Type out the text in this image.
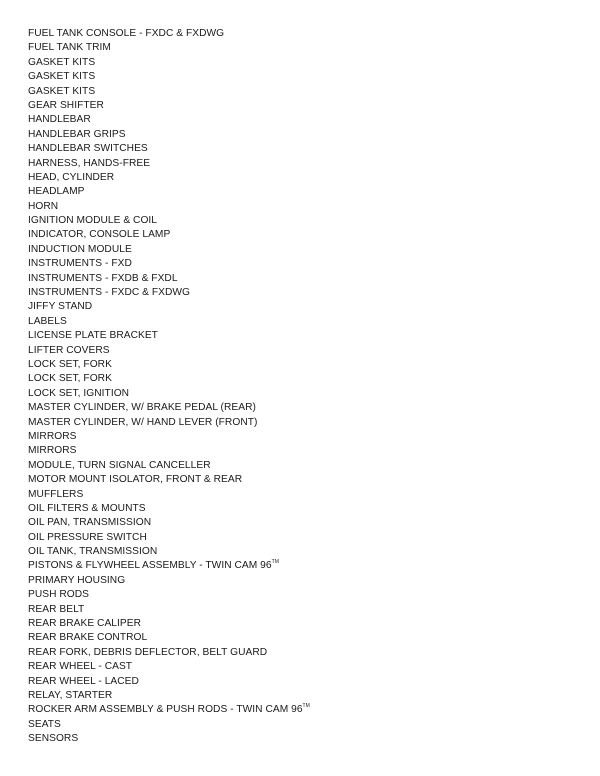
FUEL TANK CONSOLE - FXDC & FXDWG
FUEL TANK TRIM
GASKET KITS
GASKET KITS
GASKET KITS
GEAR SHIFTER
HANDLEBAR
HANDLEBAR GRIPS
HANDLEBAR SWITCHES
HARNESS, HANDS-FREE
HEAD, CYLINDER
HEADLAMP
HORN
IGNITION MODULE & COIL
INDICATOR, CONSOLE LAMP
INDUCTION MODULE
INSTRUMENTS - FXD
INSTRUMENTS - FXDB & FXDL
INSTRUMENTS - FXDC & FXDWG
JIFFY STAND
LABELS
LICENSE PLATE BRACKET
LIFTER COVERS
LOCK SET, FORK
LOCK SET, FORK
LOCK SET, IGNITION
MASTER CYLINDER, W/ BRAKE PEDAL (REAR)
MASTER CYLINDER, W/ HAND LEVER (FRONT)
MIRRORS
MIRRORS
MODULE, TURN SIGNAL CANCELLER
MOTOR MOUNT ISOLATOR, FRONT & REAR
MUFFLERS
OIL FILTERS & MOUNTS
OIL PAN, TRANSMISSION
OIL PRESSURE SWITCH
OIL TANK, TRANSMISSION
PISTONS & FLYWHEEL ASSEMBLY - TWIN CAM 96™
PRIMARY HOUSING
PUSH RODS
REAR BELT
REAR BRAKE CALIPER
REAR BRAKE CONTROL
REAR FORK, DEBRIS DEFLECTOR, BELT GUARD
REAR WHEEL - CAST
REAR WHEEL - LACED
RELAY, STARTER
ROCKER ARM ASSEMBLY & PUSH RODS - TWIN CAM 96™
SEATS
SENSORS
